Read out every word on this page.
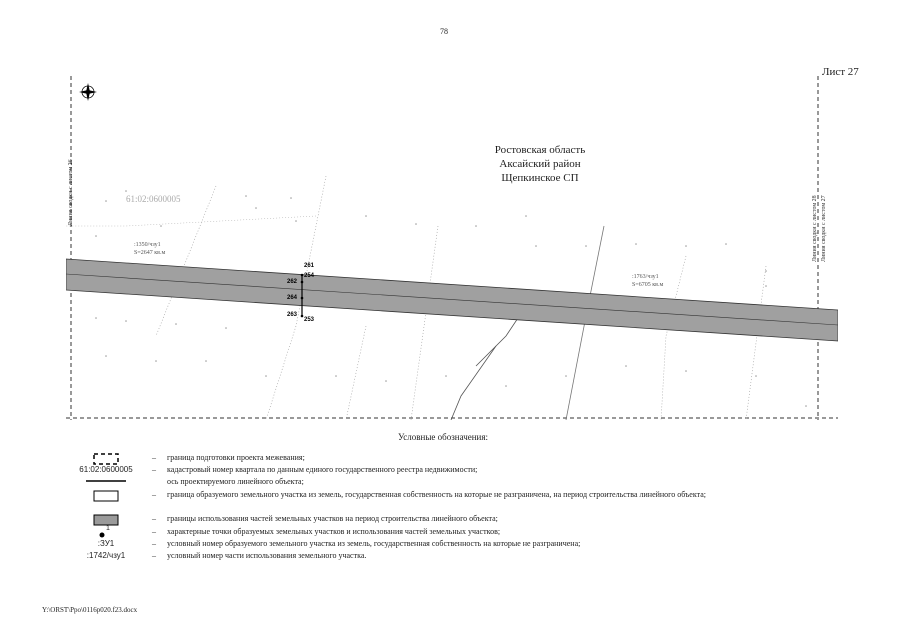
78
Лист 27
61:02:0600005
:1350/чзу1
S=2647 кв.м
:1763/чзу1
S=6705 кв.м
261
254
262
264
263
253
Линия сводки с листом 26
Линия сводки с листом 28 Линия сводки с листом 27
Ростовская область
Аксайский район
Щепкинское СП
Условные обозначения:
– граница подготовки проекта межевания;
61:02:0600005	– кадастровый номер квартала по данным единого государственного реестра недвижимости;
ось проектируемого линейного объекта;
– граница образуемого земельного участка из земель, государственная собственность на которые не разграничена, на период строительства линейного объекта;
– границы использования частей земельных участков на период строительства линейного объекта;
1	– характерные точки образуемых земельных участков и использования частей земельных участков;
:ЗУ1	– условный номер образуемого земельного участка из земель, государственная собственность на которые не разграничена;
:1742/чзу1	– условный номер части использования земельного участка.
Y:\ORST\Ppo\0116p020.f23.docx
